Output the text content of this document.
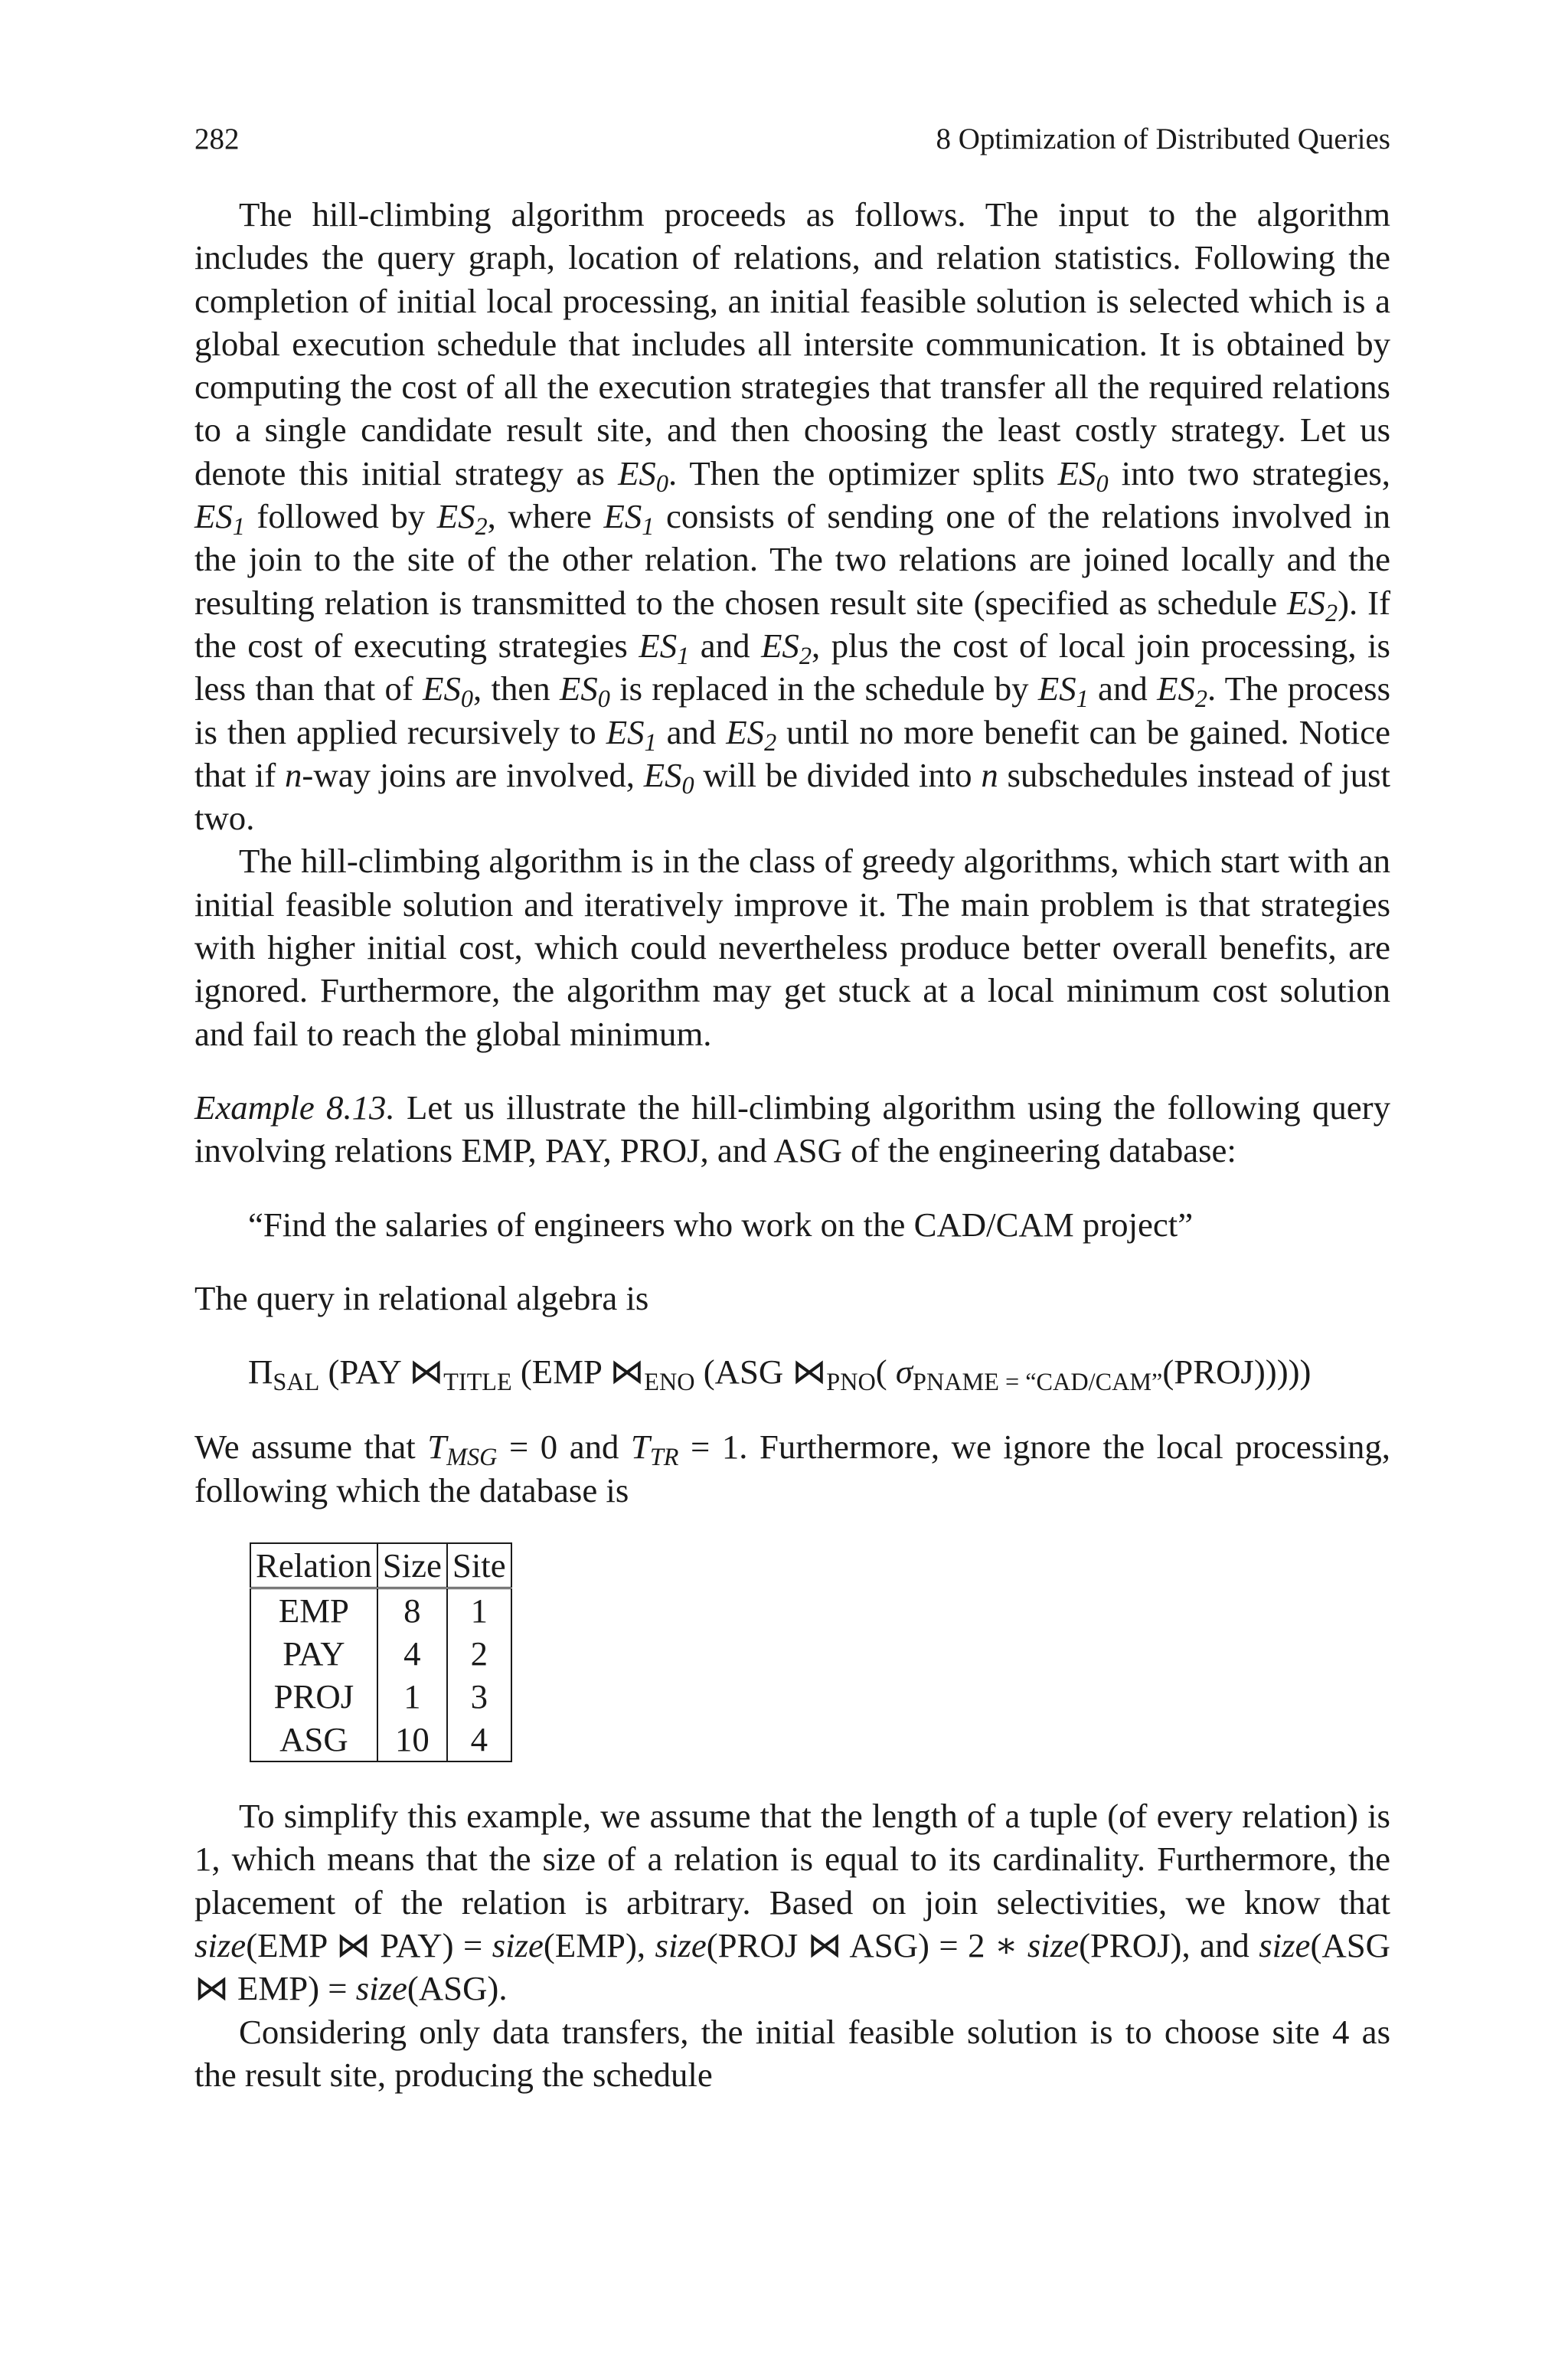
282	8 Optimization of Distributed Queries

The hill-climbing algorithm proceeds as follows. The input to the algorithm includes the query graph, location of relations, and relation statistics. Following the completion of initial local processing, an initial feasible solution is selected which is a global execution schedule that includes all intersite communication. It is obtained by computing the cost of all the execution strategies that transfer all the required relations to a single candidate result site, and then choosing the least costly strategy. Let us denote this initial strategy as $ES_0$. Then the optimizer splits $ES_0$ into two strategies, $ES_1$ followed by $ES_2$, where $ES_1$ consists of sending one of the relations involved in the join to the site of the other relation. The two relations are joined locally and the resulting relation is transmitted to the chosen result site (specified as schedule $ES_2$). If the cost of executing strategies $ES_1$ and $ES_2$, plus the cost of local join processing, is less than that of $ES_0$, then $ES_0$ is replaced in the schedule by $ES_1$ and $ES_2$. The process is then applied recursively to $ES_1$ and $ES_2$ until no more benefit can be gained. Notice that if n-way joins are involved, $ES_0$ will be divided into n subschedules instead of just two.

The hill-climbing algorithm is in the class of greedy algorithms, which start with an initial feasible solution and iteratively improve it. The main problem is that strategies with higher initial cost, which could nevertheless produce better overall benefits, are ignored. Furthermore, the algorithm may get stuck at a local minimum cost solution and fail to reach the global minimum.

Example 8.13. Let us illustrate the hill-climbing algorithm using the following query involving relations EMP, PAY, PROJ, and ASG of the engineering database:

“Find the salaries of engineers who work on the CAD/CAM project”

The query in relational algebra is

$\Pi_{SAL}$ (PAY $⋈_{TITLE}$ (EMP $⋈_{ENO}$ (ASG $⋈_{PNO}$( $\sigma_{PNAME = “CAD/CAM”}(PROJ)$))))

We assume that $T_{MSG} = 0$ and $T_{TR} = 1$. Furthermore, we ignore the local processing, following which the database is

Relation	Size	Site
EMP	8	1
PAY	4	2
PROJ	1	3
ASG	10	4

To simplify this example, we assume that the length of a tuple (of every relation) is 1, which means that the size of a relation is equal to its cardinality. Furthermore, the placement of the relation is arbitrary. Based on join selectivities, we know that size(EMP ⋈ PAY) = size(EMP), size(PROJ ⋈ ASG) = 2 ∗ size(PROJ), and size(ASG ⋈ EMP) = size(ASG).

Considering only data transfers, the initial feasible solution is to choose site 4 as the result site, producing the schedule
